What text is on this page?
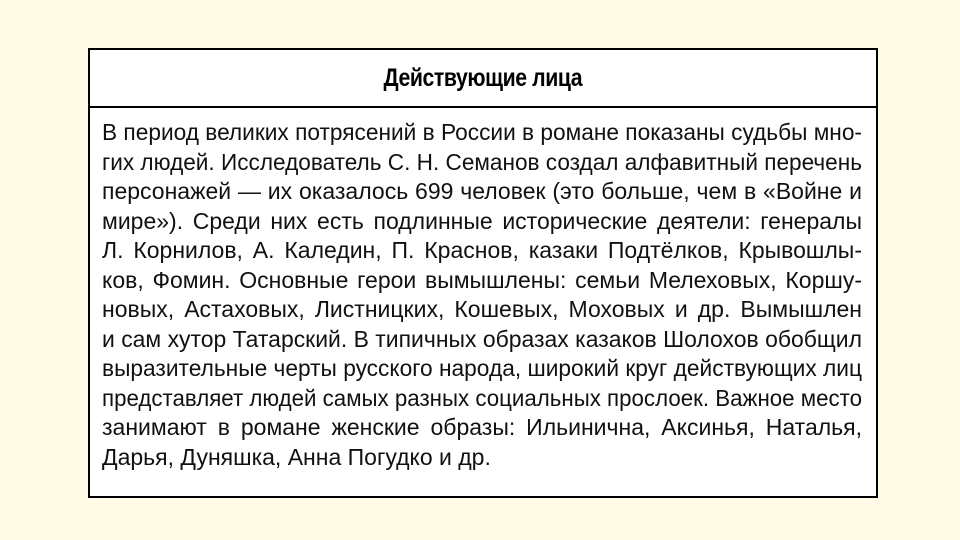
Действующие лица
В период великих потрясений в России в романе показаны судьбы мно-
гих людей. Исследователь С. Н. Семанов создал алфавитный перечень
персонажей — их оказалось 699 человек (это больше, чем в «Войне и
мире»). Среди них есть подлинные исторические деятели: генералы
Л. Корнилов, А. Каледин, П. Краснов, казаки Подтёлков, Крывошлы-
ков, Фомин. Основные герои вымышлены: семьи Мелеховых, Коршу-
новых, Астаховых, Листницких, Кошевых, Моховых и др. Вымышлен
и сам хутор Татарский. В типичных образах казаков Шолохов обобщил
выразительные черты русского народа, широкий круг действующих лиц
представляет людей самых разных социальных прослоек. Важное место
занимают в романе женские образы: Ильинична, Аксинья, Наталья,
Дарья, Дуняшка, Анна Погудко и др.
